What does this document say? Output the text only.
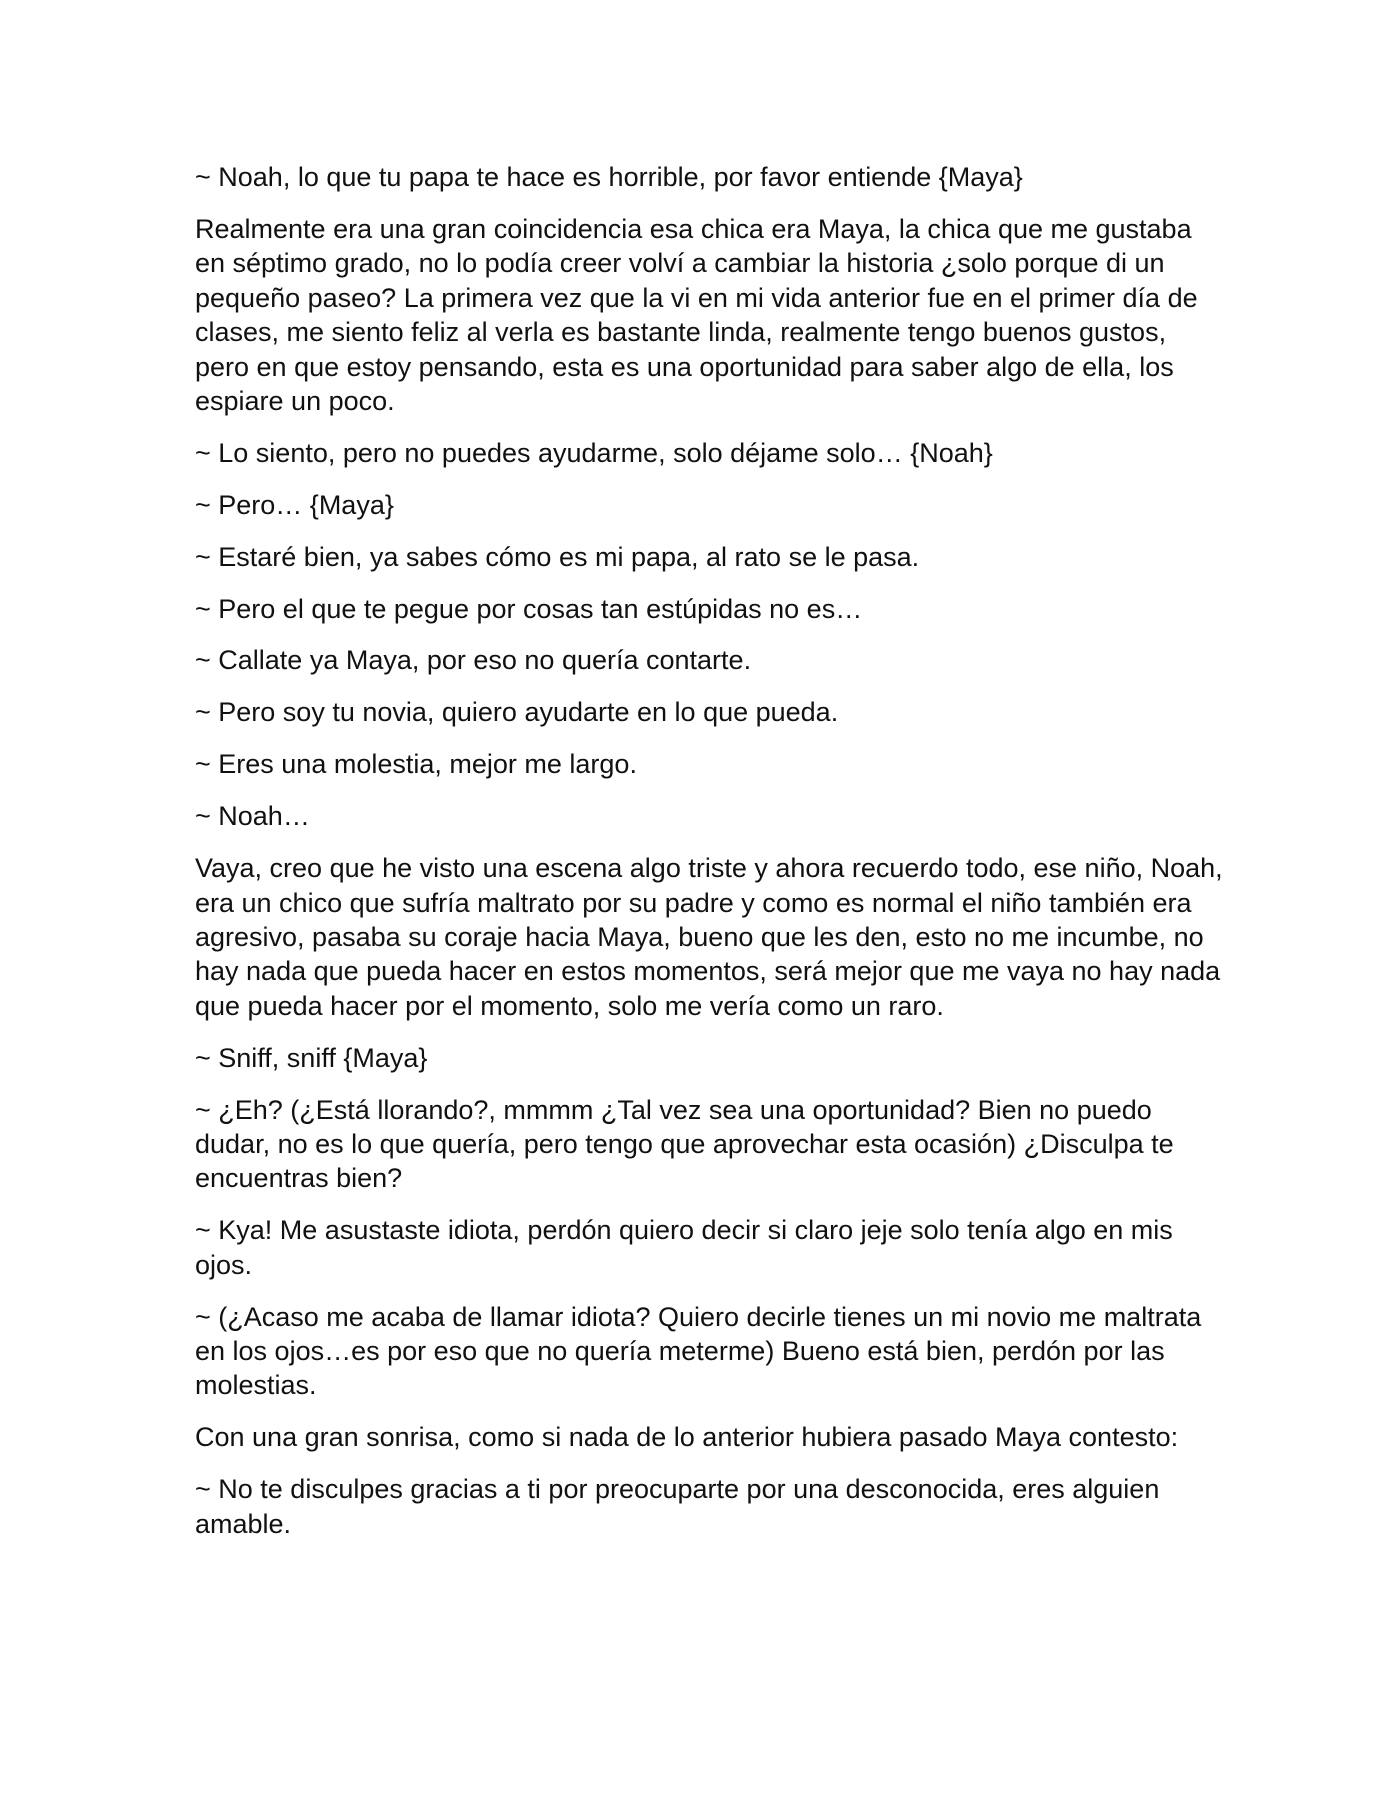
~ Noah, lo que tu papa te hace es horrible, por favor entiende {Maya}

Realmente era una gran coincidencia esa chica era Maya, la chica que me gustaba en séptimo grado, no lo podía creer volví a cambiar la historia ¿solo porque di un pequeño paseo? La primera vez que la vi en mi vida anterior fue en el primer día de clases, me siento feliz al verla es bastante linda, realmente tengo buenos gustos, pero en que estoy pensando, esta es una oportunidad para saber algo de ella, los espiare un poco.

~ Lo siento, pero no puedes ayudarme, solo déjame solo… {Noah}

~ Pero… {Maya}

~ Estaré bien, ya sabes cómo es mi papa, al rato se le pasa.

~ Pero el que te pegue por cosas tan estúpidas no es…

~ Callate ya Maya, por eso no quería contarte.

~ Pero soy tu novia, quiero ayudarte en lo que pueda.

~ Eres una molestia, mejor me largo.

~ Noah…

Vaya, creo que he visto una escena algo triste y ahora recuerdo todo, ese niño, Noah, era un chico que sufría maltrato por su padre y como es normal el niño también era agresivo, pasaba su coraje hacia Maya, bueno que les den, esto no me incumbe, no hay nada que pueda hacer en estos momentos, será mejor que me vaya no hay nada que pueda hacer por el momento, solo me vería como un raro.

~ Sniff, sniff {Maya}

~ ¿Eh? (¿Está llorando?, mmmm ¿Tal vez sea una oportunidad? Bien no puedo dudar, no es lo que quería, pero tengo que aprovechar esta ocasión) ¿Disculpa te encuentras bien?

~ Kya! Me asustaste idiota, perdón quiero decir si claro jeje solo tenía algo en mis ojos.

~ (¿Acaso me acaba de llamar idiota? Quiero decirle tienes un mi novio me maltrata en los ojos…es por eso que no quería meterme) Bueno está bien, perdón por las molestias.

Con una gran sonrisa, como si nada de lo anterior hubiera pasado Maya contesto:

~ No te disculpes gracias a ti por preocuparte por una desconocida, eres alguien amable.
